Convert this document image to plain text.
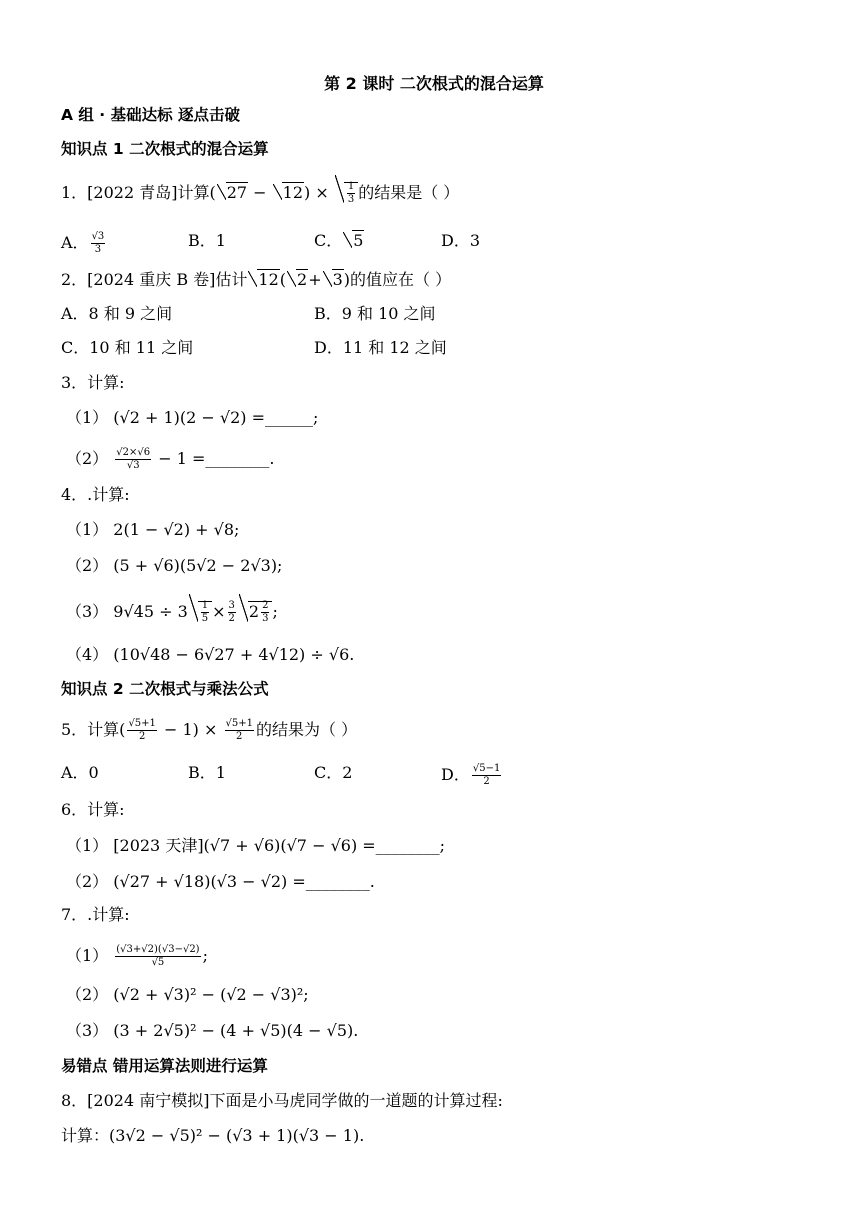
第 2 课时 二次根式的混合运算
A 组 · 基础达标 逐点击破
知识点 1 二次根式的混合运算
1．[2022 青岛]计算( $27 - 12) \times \frac{1}{3}$ 的结果是（ ）
A． $\frac{√3}{3}$	B．1	C． 5	D．3
2．[2024 重庆 B 卷]估计 12( 2+ 3)的值应在（ ）
A．8 和 9 之间	B．9 和 10 之间
C．10 和 11 之间	D．11 和 12 之间
3．计算:
（1） (√2 + 1)(2 − √2) =______;
$(2) \frac{√2\times√6}{√3} - 1$ =________.
4．.计算:
（1） 2(1 − √2) + √8;
（2） (5 + √6)(5√2 − 2√3);
（3） $9√45 \div 3 \frac{1}{5} \times \frac{3}{2} 2 \frac{2}{3}$ ;
（4） (10√48 − 6√27 + 4√12) ÷ √6.
知识点 2 二次根式与乘法公式
5．计算( $\frac{√5+1}{2} - 1) \times \frac{√5+1}{2}$ 的结果为（ ）
A．0	B．1	C．2	D． $\frac{√5-1}{2}$
6．计算:
（1） [2023 天津](√7 + √6)(√7 − √6) =________;
（2） (√27 + √18)(√3 − √2) =________.
7．.计算:
$(1) \frac{(√3+√2)(√3-√2)}{√5}$ ;
（2） (√2 + √3)² − (√2 − √3)²;
（3） (3 + 2√5)² − (4 + √5)(4 − √5).
易错点 错用运算法则进行运算
8．[2024 南宁模拟]下面是小马虎同学做的一道题的计算过程:
计算：(3√2 − √5)² − (√3 + 1)(√3 − 1).
